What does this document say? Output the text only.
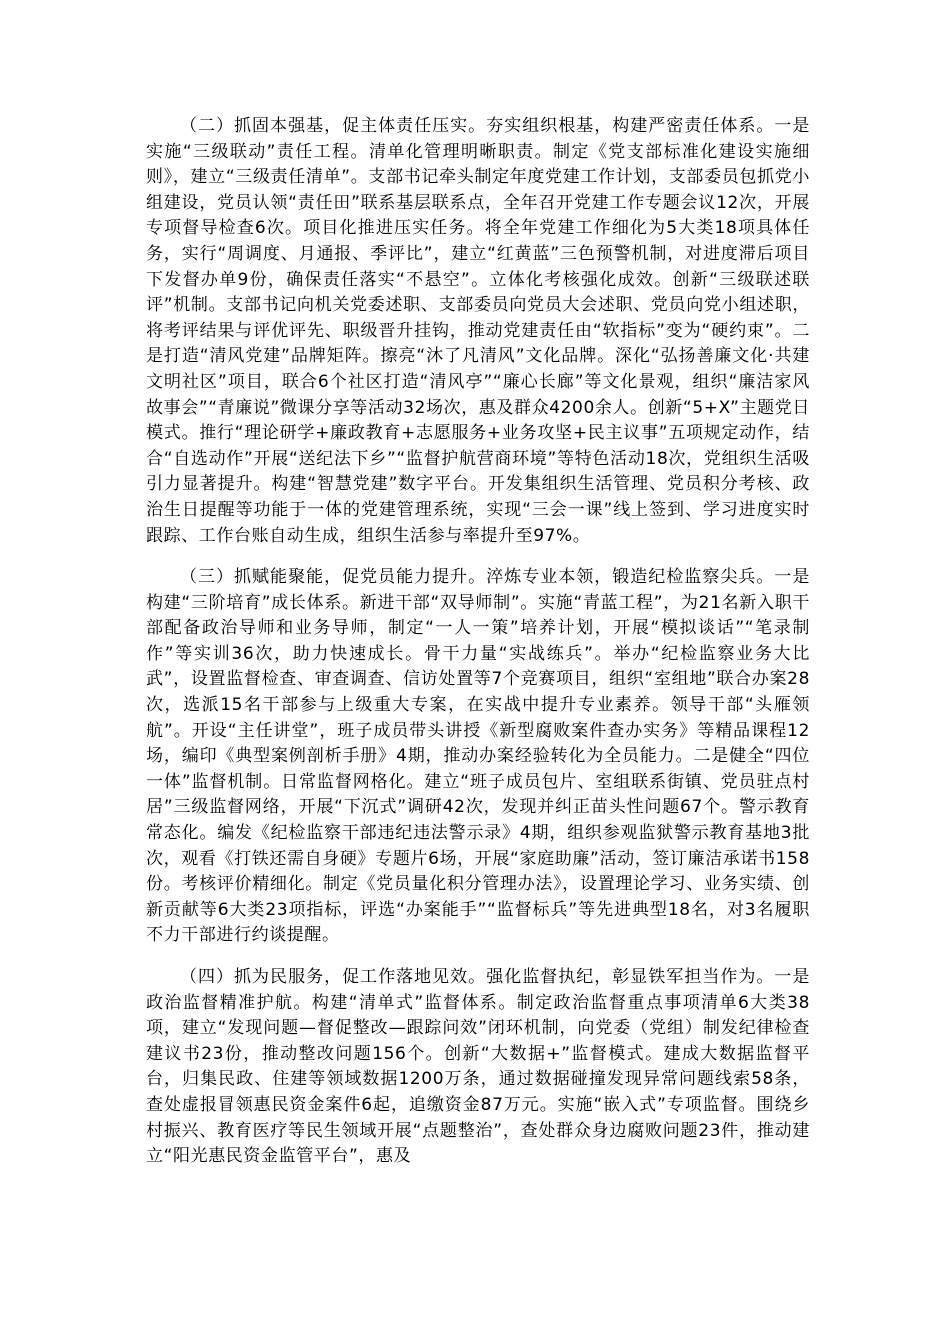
（二）抓固本强基，促主体责任压实。夯实组织根基，构建严密责任体系。一是实施“三级联动”责任工程。清单化管理明晰职责。制定《党支部标准化建设实施细则》，建立“三级责任清单”。支部书记牵头制定年度党建工作计划，支部委员包抓党小组建设，党员认领“责任田”联系基层联系点，全年召开党建工作专题会议12次，开展专项督导检查6次。项目化推进压实任务。将全年党建工作细化为5大类18项具体任务，实行“周调度、月通报、季评比”，建立“红黄蓝”三色预警机制，对进度滞后项目下发督办单9份，确保责任落实“不悬空”。立体化考核强化成效。创新“三级联述联评”机制。支部书记向机关党委述职、支部委员向党员大会述职、党员向党小组述职，将考评结果与评优评先、职级晋升挂钩，推动党建责任由“软指标”变为“硬约束”。二是打造“清风党建”品牌矩阵。擦亮“沐了凡清风”文化品牌。深化“弘扬善廉文化·共建文明社区”项目，联合6个社区打造“清风亭”“廉心长廊”等文化景观，组织“廉洁家风故事会”“青廉说”微课分享等活动32场次，惠及群众4200余人。创新“5+X”主题党日模式。推行“理论研学+廉政教育+志愿服务+业务攻坚+民主议事”五项规定动作，结合“自选动作”开展“送纪法下乡”“监督护航营商环境”等特色活动18次，党组织生活吸引力显著提升。构建“智慧党建”数字平台。开发集组织生活管理、党员积分考核、政治生日提醒等功能于一体的党建管理系统，实现“三会一课”线上签到、学习进度实时跟踪、工作台账自动生成，组织生活参与率提升至97%。

（三）抓赋能聚能，促党员能力提升。淬炼专业本领，锻造纪检监察尖兵。一是构建“三阶培育”成长体系。新进干部“双导师制”。实施“青蓝工程”，为21名新入职干部配备政治导师和业务导师，制定“一人一策”培养计划，开展“模拟谈话”“笔录制作”等实训36次，助力快速成长。骨干力量“实战练兵”。举办“纪检监察业务大比武”，设置监督检查、审查调查、信访处置等7个竞赛项目，组织“室组地”联合办案28次，选派15名干部参与上级重大专案，在实战中提升专业素养。领导干部“头雁领航”。开设“主任讲堂”，班子成员带头讲授《新型腐败案件查办实务》等精品课程12场，编印《典型案例剖析手册》4期，推动办案经验转化为全员能力。二是健全“四位一体”监督机制。日常监督网格化。建立“班子成员包片、室组联系街镇、党员驻点村居”三级监督网络，开展“下沉式”调研42次，发现并纠正苗头性问题67个。警示教育常态化。编发《纪检监察干部违纪违法警示录》4期，组织参观监狱警示教育基地3批次，观看《打铁还需自身硬》专题片6场，开展“家庭助廉”活动，签订廉洁承诺书158份。考核评价精细化。制定《党员量化积分管理办法》，设置理论学习、业务实绩、创新贡献等6大类23项指标，评选“办案能手”“监督标兵”等先进典型18名，对3名履职不力干部进行约谈提醒。

（四）抓为民服务，促工作落地见效。强化监督执纪，彰显铁军担当作为。一是政治监督精准护航。构建“清单式”监督体系。制定政治监督重点事项清单6大类38项，建立“发现问题—督促整改—跟踪问效”闭环机制，向党委（党组）制发纪律检查建议书23份，推动整改问题156个。创新“大数据+”监督模式。建成大数据监督平台，归集民政、住建等领域数据1200万条，通过数据碰撞发现异常问题线索58条，查处虚报冒领惠民资金案件6起，追缴资金87万元。实施“嵌入式”专项监督。围绕乡村振兴、教育医疗等民生领域开展“点题整治”，查处群众身边腐败问题23件，推动建立“阳光惠民资金监管平台”，惠及
